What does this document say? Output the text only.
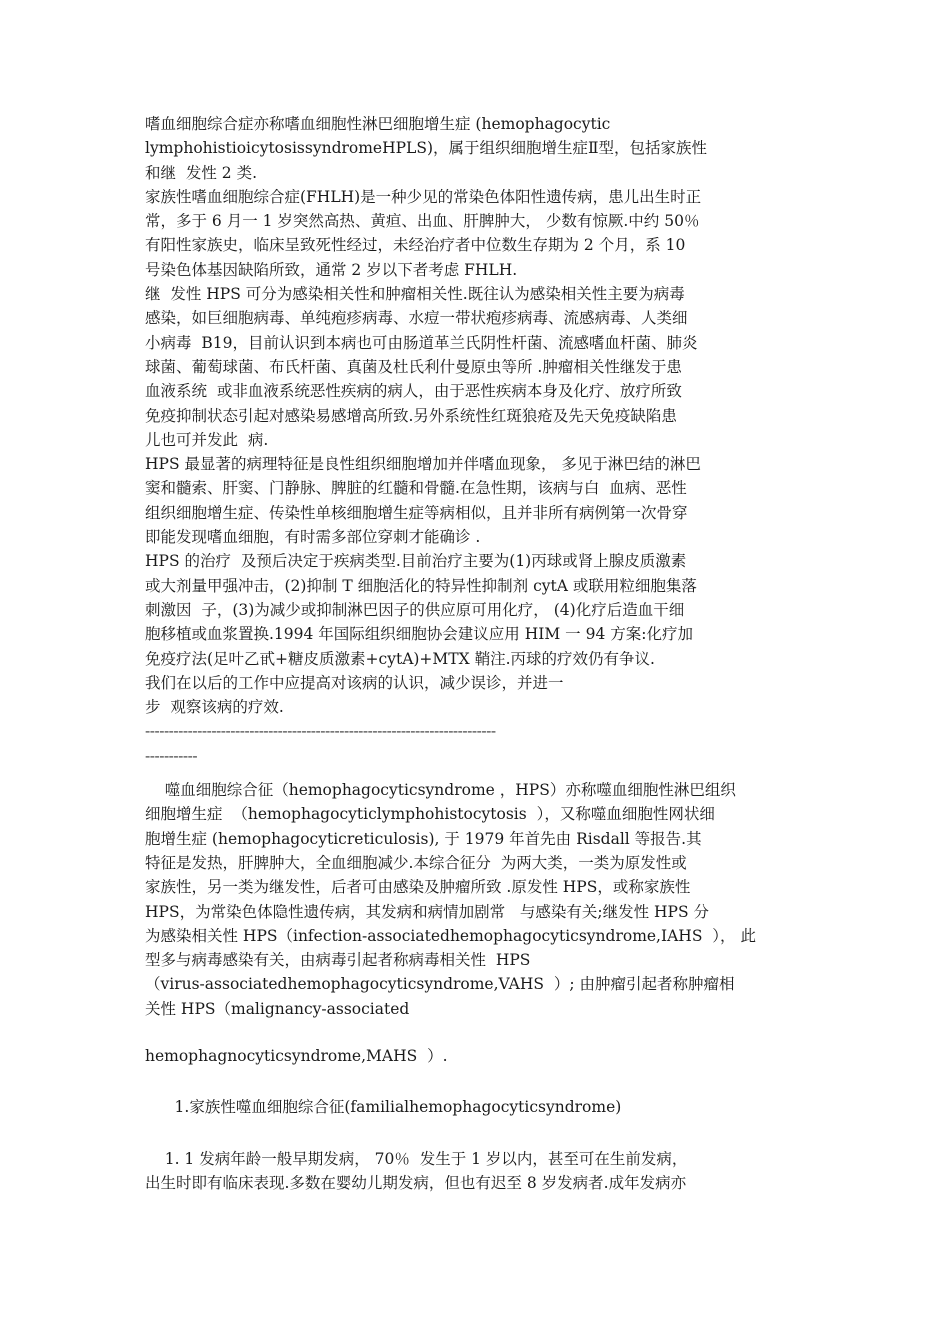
嗜血细胞综合症亦称嗜血细胞性淋巴细胞增生症 (hemophagocytic
lymphohistioicytosissyndromeHPLS)，属于组织细胞增生症Ⅱ型，包括家族性
和继  发性 2 类.
家族性嗜血细胞综合症(FHLH)是一种少见的常染色体阳性遗传病，患儿出生时正
常，多于 6 月一 1 岁突然高热、黄疸、出血、肝脾肿大， 少数有惊厥.中约 50％
有阳性家族史，临床呈致死性经过，未经治疗者中位数生存期为 2 个月，系 10
号染色体基因缺陷所致，通常 2 岁以下者考虑 FHLH.
继  发性 HPS 可分为感染相关性和肿瘤相关性.既往认为感染相关性主要为病毒
感染，如巨细胞病毒、单纯疱疹病毒、水痘一带状疱疹病毒、流感病毒、人类细
小病毒  B19，目前认识到本病也可由肠道革兰氏阴性杆菌、流感嗜血杆菌、肺炎
球菌、葡萄球菌、布氏杆菌、真菌及杜氏利什曼原虫等所 .肿瘤相关性继发于患
血液系统  或非血液系统恶性疾病的病人，由于恶性疾病本身及化疗、放疗所致
免疫抑制状态引起对感染易感增高所致.另外系统性红斑狼疮及先天免疫缺陷患
儿也可并发此  病.
HPS 最显著的病理特征是良性组织细胞增加并伴嗜血现象， 多见于淋巴结的淋巴
窦和髓索、肝窦、门静脉、脾脏的红髓和骨髓.在急性期，该病与白  血病、恶性
组织细胞增生症、传染性单核细胞增生症等病相似，且并非所有病例第一次骨穿
即能发现嗜血细胞，有时需多部位穿刺才能确诊 .
HPS 的治疗  及预后决定于疾病类型.目前治疗主要为(1)丙球或肾上腺皮质激素
或大剂量甲强冲击，(2)抑制 T 细胞活化的特异性抑制剂 cytA 或联用粒细胞集落
刺激因  子，(3)为减少或抑制淋巴因子的供应原可用化疗， (4)化疗后造血干细
胞移植或血浆置换.1994 年国际组织细胞协会建议应用 HIM 一 94 方案:化疗加
免疫疗法(足叶乙甙+糖皮质激素+cytA)+MTX 鞘注.丙球的疗效仍有争议.
我们在以后的工作中应提高对该病的认识，减少误诊，并进一
步  观察该病的疗效.
--------------------------------------------------------------------------
-----------
噬血细胞综合征（hemophagocyticsyndrome ，HPS）亦称噬血细胞性淋巴组织
细胞增生症  （hemophagocyticlymphohistocytosis  ），又称噬血细胞性网状细
胞增生症 (hemophagocyticreticulosis), 于 1979 年首先由 Risdall 等报告.其
特征是发热，肝脾肿大，全血细胞减少.本综合征分  为两大类，一类为原发性或
家族性，另一类为继发性，后者可由感染及肿瘤所致 .原发性 HPS，或称家族性
HPS，为常染色体隐性遗传病，其发病和病情加剧常   与感染有关;继发性 HPS 分
为感染相关性 HPS（infection-associatedhemophagocyticsyndrome,IAHS  ）， 此
型多与病毒感染有关，由病毒引起者称病毒相关性  HPS
（virus-associatedhemophagocyticsyndrome,VAHS  ）; 由肿瘤引起者称肿瘤相
关性 HPS（malignancy-associated
hemophagnocyticsyndrome,MAHS  ）.
1.家族性噬血细胞综合征(familialhemophagocyticsyndrome)
1. 1 发病年龄一般早期发病， 70％  发生于 1 岁以内，甚至可在生前发病，
出生时即有临床表现.多数在婴幼儿期发病，但也有迟至 8 岁发病者.成年发病亦
